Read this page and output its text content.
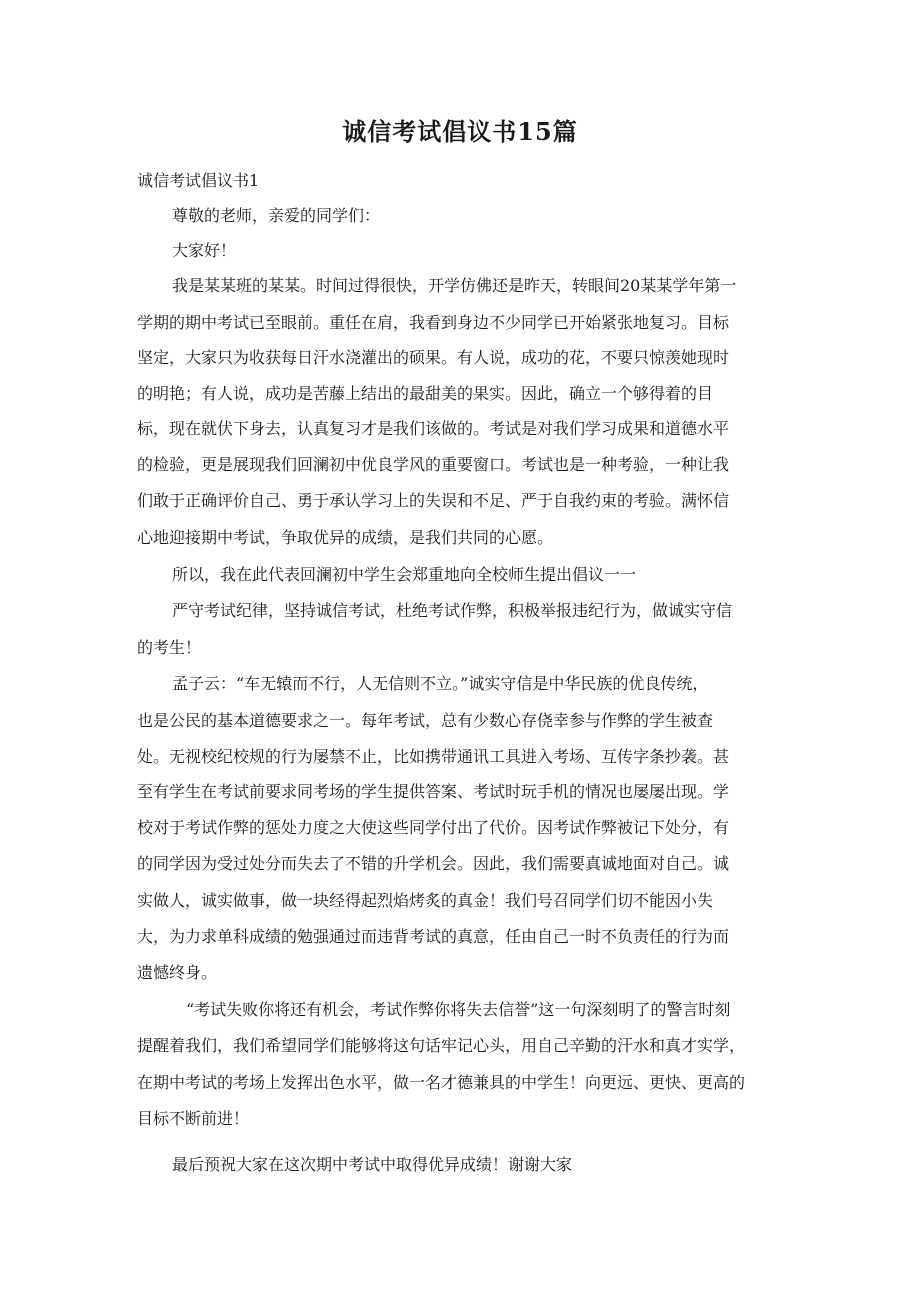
诚信考试倡议书15篇
诚信考试倡议书1
尊敬的老师，亲爱的同学们：
大家好！
我是某某班的某某。时间过得很快，开学仿佛还是昨天，转眼间20某某学年第一
学期的期中考试已至眼前。重任在肩，我看到身边不少同学已开始紧张地复习。目标
坚定，大家只为收获每日汗水浇灌出的硕果。有人说，成功的花，不要只惊羡她现时
的明艳；有人说，成功是苦藤上结出的最甜美的果实。因此，确立一个够得着的目
标，现在就伏下身去，认真复习才是我们该做的。考试是对我们学习成果和道德水平
的检验，更是展现我们回澜初中优良学风的重要窗口。考试也是一种考验，一种让我
们敢于正确评价自己、勇于承认学习上的失误和不足、严于自我约束的考验。满怀信
心地迎接期中考试，争取优异的成绩，是我们共同的心愿。
所以，我在此代表回澜初中学生会郑重地向全校师生提出倡议一一
严守考试纪律，坚持诚信考试，杜绝考试作弊，积极举报违纪行为，做诚实守信
的考生！
孟子云：“车无辕而不行，人无信则不立。”诚实守信是中华民族的优良传统，
也是公民的基本道德要求之一。每年考试，总有少数心存侥幸参与作弊的学生被查
处。无视校纪校规的行为屡禁不止，比如携带通讯工具进入考场、互传字条抄袭。甚
至有学生在考试前要求同考场的学生提供答案、考试时玩手机的情况也屡屡出现。学
校对于考试作弊的惩处力度之大使这些同学付出了代价。因考试作弊被记下处分，有
的同学因为受过处分而失去了不错的升学机会。因此，我们需要真诚地面对自己。诚
实做人，诚实做事，做一块经得起烈焰烤炙的真金！我们号召同学们切不能因小失
大，为力求单科成绩的勉强通过而违背考试的真意，任由自己一时不负责任的行为而
遗憾终身。
“考试失败你将还有机会，考试作弊你将失去信誉”这一句深刻明了的警言时刻
提醒着我们，我们希望同学们能够将这句话牢记心头，用自己辛勤的汗水和真才实学，
在期中考试的考场上发挥出色水平，做一名才德兼具的中学生！向更远、更快、更高的
目标不断前进！
最后预祝大家在这次期中考试中取得优异成绩！谢谢大家
